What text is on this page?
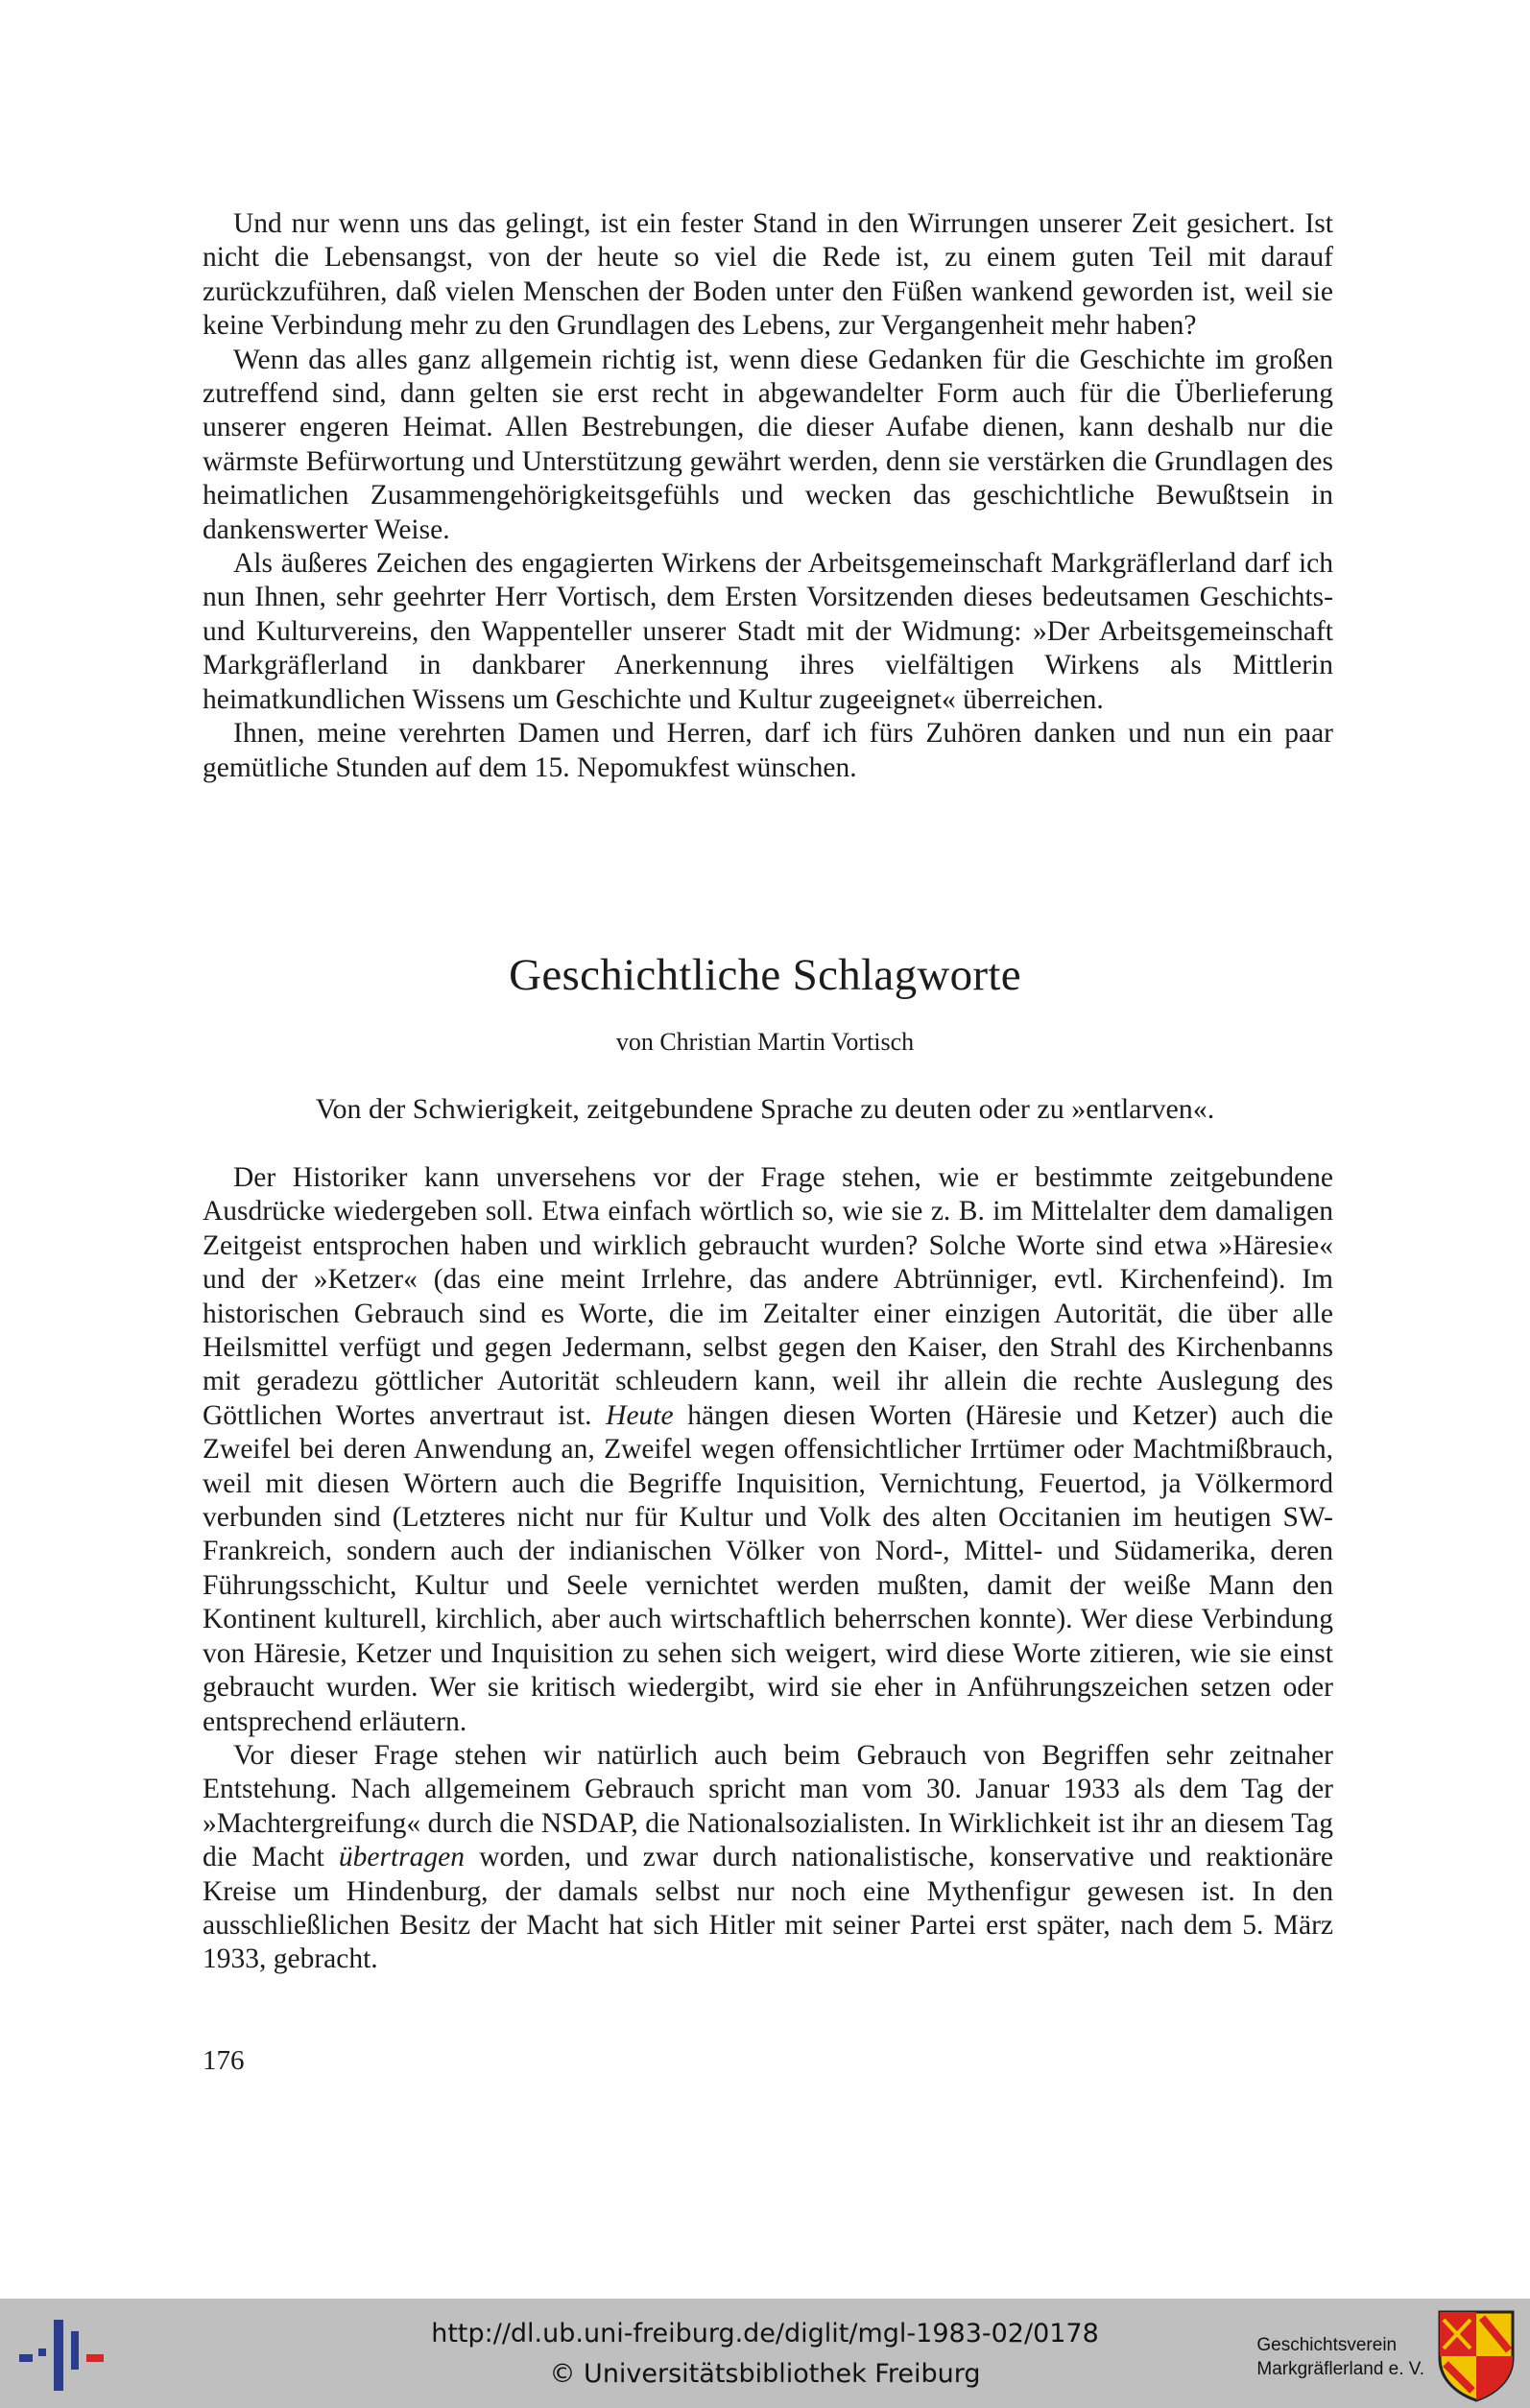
Und nur wenn uns das gelingt, ist ein fester Stand in den Wirrungen unserer Zeit gesichert. Ist nicht die Lebensangst, von der heute so viel die Rede ist, zu einem guten Teil mit darauf zurückzuführen, daß vielen Menschen der Boden unter den Füßen wankend geworden ist, weil sie keine Verbindung mehr zu den Grundlagen des Lebens, zur Vergangenheit mehr haben?

Wenn das alles ganz allgemein richtig ist, wenn diese Gedanken für die Geschichte im großen zutreffend sind, dann gelten sie erst recht in abgewandelter Form auch für die Überlieferung unserer engeren Heimat. Allen Bestrebungen, die dieser Aufabe dienen, kann deshalb nur die wärmste Befürwortung und Unterstützung gewährt werden, denn sie verstärken die Grundlagen des heimatlichen Zusammengehörigkeitsgefühls und wecken das geschichtliche Bewußtsein in dankenswerter Weise.

Als äußeres Zeichen des engagierten Wirkens der Arbeitsgemeinschaft Markgräflerland darf ich nun Ihnen, sehr geehrter Herr Vortisch, dem Ersten Vorsitzenden dieses bedeutsamen Geschichts- und Kulturvereins, den Wappenteller unserer Stadt mit der Widmung: »Der Arbeitsgemeinschaft Markgräflerland in dankbarer Anerkennung ihres vielfältigen Wirkens als Mittlerin heimatkundlichen Wissens um Geschichte und Kultur zugeeignet« überreichen.

Ihnen, meine verehrten Damen und Herren, darf ich fürs Zuhören danken und nun ein paar gemütliche Stunden auf dem 15. Nepomukfest wünschen.

Geschichtliche Schlagworte

von Christian Martin Vortisch

Von der Schwierigkeit, zeitgebundene Sprache zu deuten oder zu »entlarven«.

Der Historiker kann unversehens vor der Frage stehen, wie er bestimmte zeitgebundene Ausdrücke wiedergeben soll. Etwa einfach wörtlich so, wie sie z. B. im Mittelalter dem damaligen Zeitgeist entsprochen haben und wirklich gebraucht wurden? Solche Worte sind etwa »Häresie« und der »Ketzer« (das eine meint Irrlehre, das andere Abtrünniger, evtl. Kirchenfeind). Im historischen Gebrauch sind es Worte, die im Zeitalter einer einzigen Autorität, die über alle Heilsmittel verfügt und gegen Jedermann, selbst gegen den Kaiser, den Strahl des Kirchenbanns mit geradezu göttlicher Autorität schleudern kann, weil ihr allein die rechte Auslegung des Göttlichen Wortes anvertraut ist. Heute hängen diesen Worten (Häresie und Ketzer) auch die Zweifel bei deren Anwendung an, Zweifel wegen offensichtlicher Irrtümer oder Machtmißbrauch, weil mit diesen Wörtern auch die Begriffe Inquisition, Vernichtung, Feuertod, ja Völkermord verbunden sind (Letzteres nicht nur für Kultur und Volk des alten Occitanien im heutigen SW-Frankreich, sondern auch der indianischen Völker von Nord-, Mittel- und Südamerika, deren Führungsschicht, Kultur und Seele vernichtet werden mußten, damit der weiße Mann den Kontinent kulturell, kirchlich, aber auch wirtschaftlich beherrschen konnte). Wer diese Verbindung von Häresie, Ketzer und Inquisition zu sehen sich weigert, wird diese Worte zitieren, wie sie einst gebraucht wurden. Wer sie kritisch wiedergibt, wird sie eher in Anführungszeichen setzen oder entsprechend erläutern.

Vor dieser Frage stehen wir natürlich auch beim Gebrauch von Begriffen sehr zeitnaher Entstehung. Nach allgemeinem Gebrauch spricht man vom 30. Januar 1933 als dem Tag der »Machtergreifung« durch die NSDAP, die Nationalsozialisten. In Wirklichkeit ist ihr an diesem Tag die Macht übertragen worden, und zwar durch nationalistische, konservative und reaktionäre Kreise um Hindenburg, der damals selbst nur noch eine Mythenfigur gewesen ist. In den ausschließlichen Besitz der Macht hat sich Hitler mit seiner Partei erst später, nach dem 5. März 1933, gebracht.

176
http://dl.ub.uni-freiburg.de/diglit/mgl-1983-02/0178
© Universitätsbibliothek Freiburg
Geschichtsverein
Markgräflerland e. V.
